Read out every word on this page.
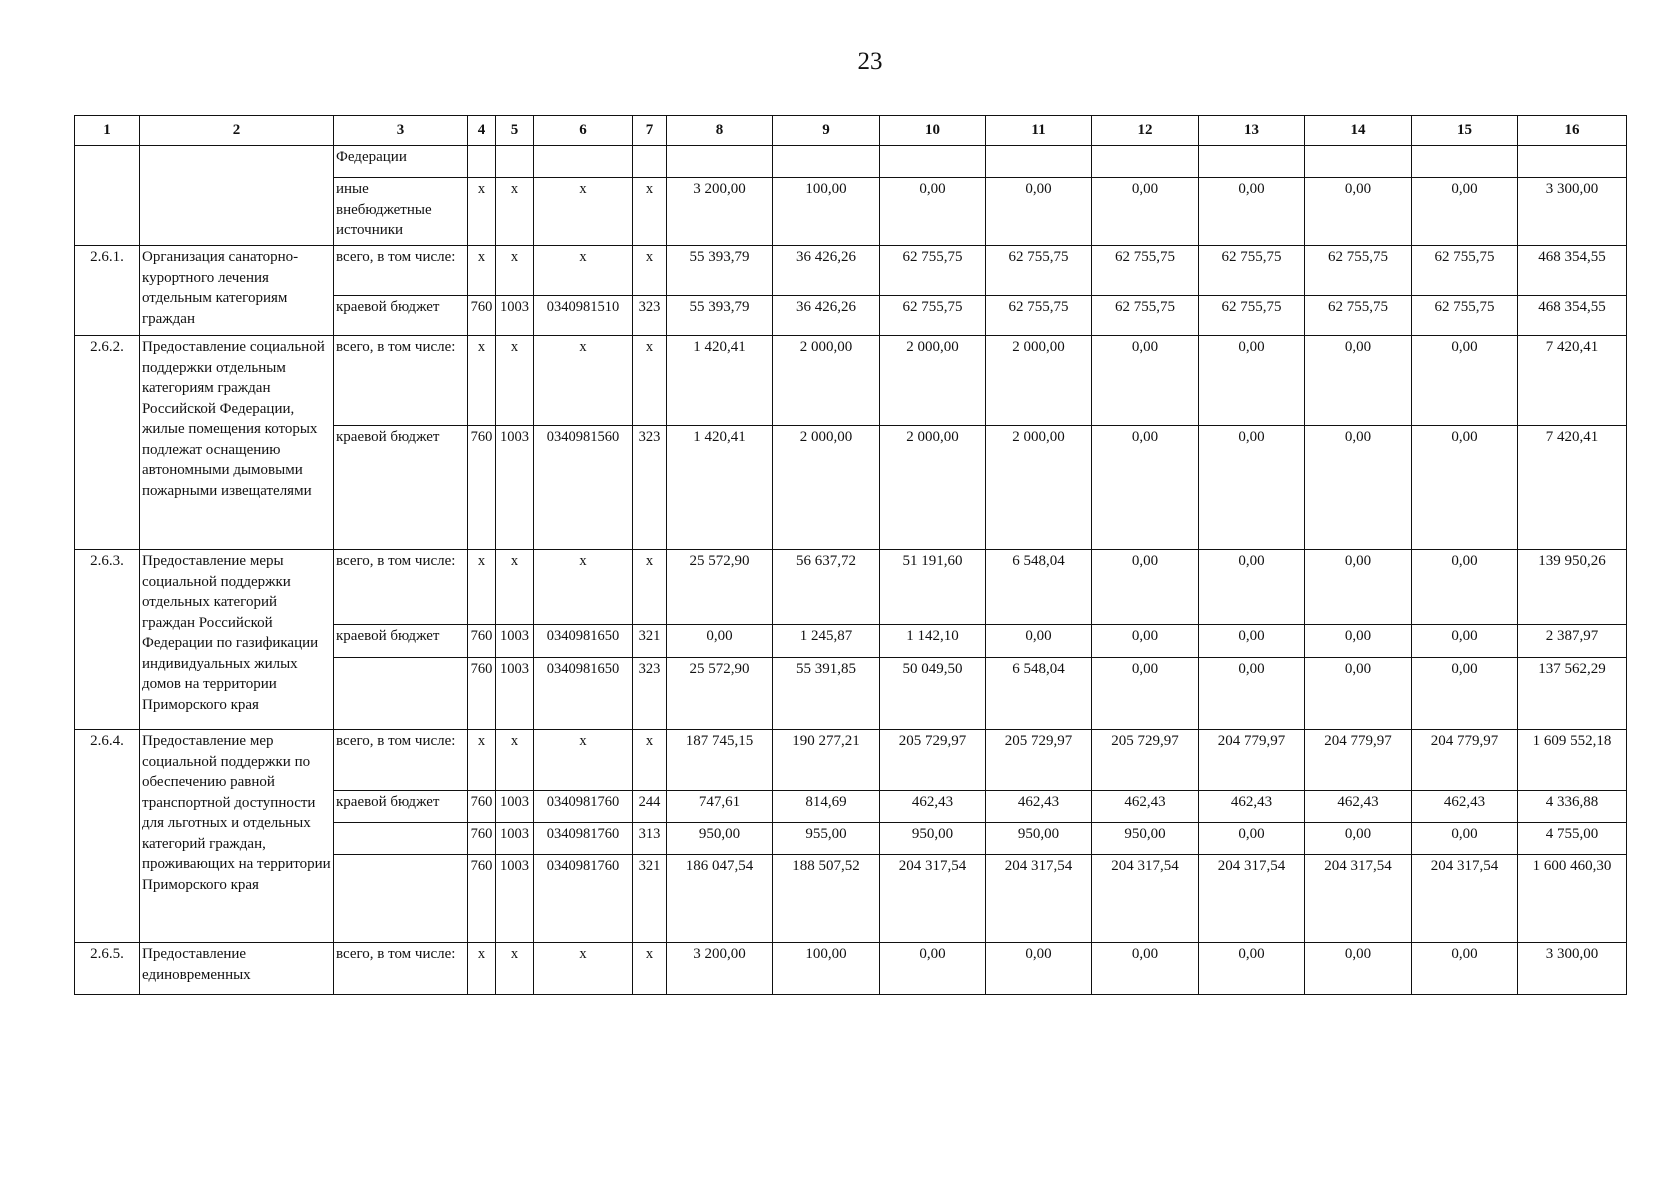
23
1	2	3	4	5	6	7	8	9	10	11	12	13	14	15	16
		Федерации													
		иные внебюджетные источники	x	x	x	x	3 200,00	100,00	0,00	0,00	0,00	0,00	0,00	0,00	3 300,00
2.6.1.	Организация санаторно-курортного лечения отдельным категориям граждан	всего, в том числе:	x	x	x	x	55 393,79	36 426,26	62 755,75	62 755,75	62 755,75	62 755,75	62 755,75	62 755,75	468 354,55
		краевой бюджет	760	1003	0340981510	323	55 393,79	36 426,26	62 755,75	62 755,75	62 755,75	62 755,75	62 755,75	62 755,75	468 354,55
2.6.2.	Предоставление социальной поддержки отдельным категориям граждан Российской Федерации, жилые помещения которых подлежат оснащению автономными дымовыми пожарными извещателями	всего, в том числе:	x	x	x	x	1 420,41	2 000,00	2 000,00	2 000,00	0,00	0,00	0,00	0,00	7 420,41
		краевой бюджет	760	1003	0340981560	323	1 420,41	2 000,00	2 000,00	2 000,00	0,00	0,00	0,00	0,00	7 420,41
2.6.3.	Предоставление меры социальной поддержки отдельных категорий граждан Российской Федерации по газификации индивидуальных жилых домов на территории Приморского края	всего, в том числе:	x	x	x	x	25 572,90	56 637,72	51 191,60	6 548,04	0,00	0,00	0,00	0,00	139 950,26
		краевой бюджет	760	1003	0340981650	321	0,00	1 245,87	1 142,10	0,00	0,00	0,00	0,00	0,00	2 387,97
			760	1003	0340981650	323	25 572,90	55 391,85	50 049,50	6 548,04	0,00	0,00	0,00	0,00	137 562,29
2.6.4.	Предоставление мер социальной поддержки по обеспечению равной транспортной доступности для льготных и отдельных категорий граждан, проживающих на территории Приморского края	всего, в том числе:	x	x	x	x	187 745,15	190 277,21	205 729,97	205 729,97	205 729,97	204 779,97	204 779,97	204 779,97	1 609 552,18
		краевой бюджет	760	1003	0340981760	244	747,61	814,69	462,43	462,43	462,43	462,43	462,43	462,43	4 336,88
			760	1003	0340981760	313	950,00	955,00	950,00	950,00	950,00	0,00	0,00	0,00	4 755,00
			760	1003	0340981760	321	186 047,54	188 507,52	204 317,54	204 317,54	204 317,54	204 317,54	204 317,54	204 317,54	1 600 460,30
2.6.5.	Предоставление единовременных	всего, в том числе:	x	x	x	x	3 200,00	100,00	0,00	0,00	0,00	0,00	0,00	0,00	3 300,00
